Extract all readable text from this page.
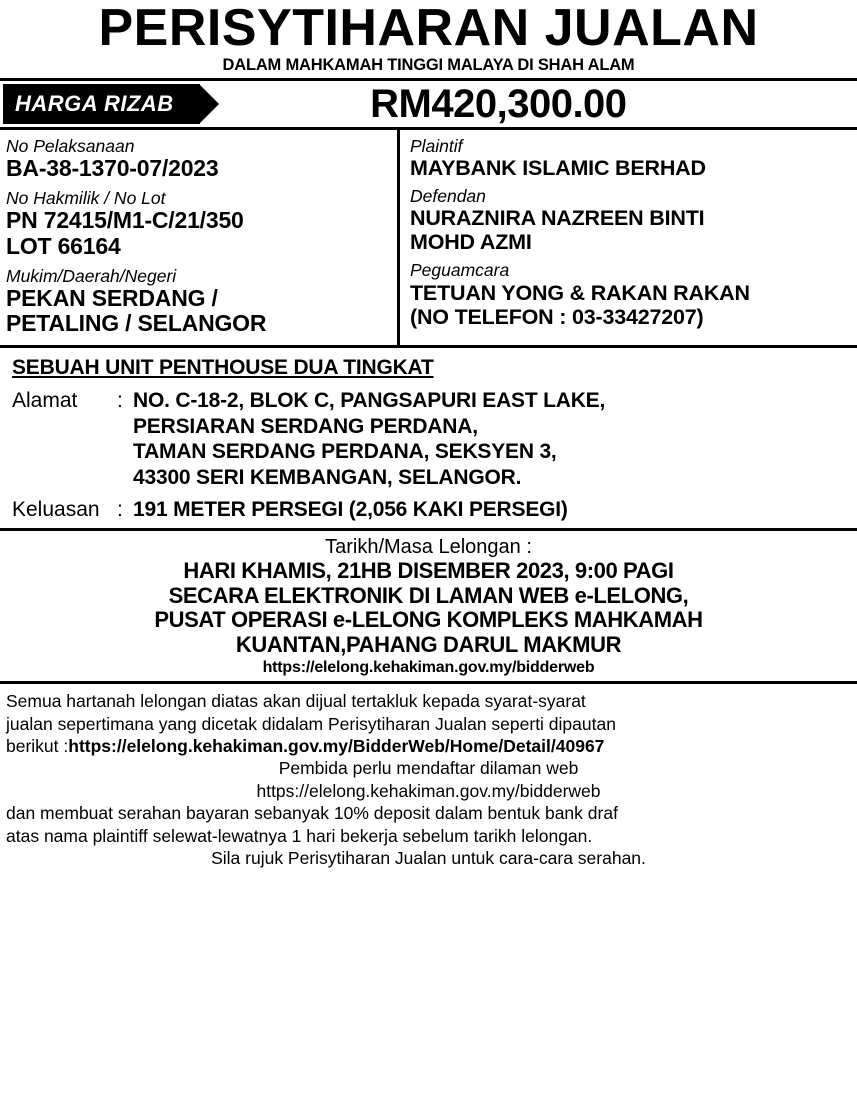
PERISYTIHARAN JUALAN
DALAM MAHKAMAH TINGGI MALAYA DI SHAH ALAM
HARGA RIZAB	RM420,300.00
No Pelaksanaan
BA-38-1370-07/2023
No Hakmilik / No Lot
PN 72415/M1-C/21/350
LOT 66164
Mukim/Daerah/Negeri
PEKAN SERDANG /
PETALING / SELANGOR
Plaintif
MAYBANK ISLAMIC BERHAD
Defendan
NURAZNIRA NAZREEN BINTI
MOHD AZMI
Peguamcara
TETUAN YONG & RAKAN RAKAN
(NO TELEFON : 03-33427207)
SEBUAH UNIT PENTHOUSE DUA TINGKAT
Alamat	: NO. C-18-2, BLOK C, PANGSAPURI EAST LAKE,
PERSIARAN SERDANG PERDANA,
TAMAN SERDANG PERDANA, SEKSYEN 3,
43300 SERI KEMBANGAN, SELANGOR.
Keluasan : 191 METER PERSEGI (2,056 KAKI PERSEGI)
Tarikh/Masa Lelongan :
HARI KHAMIS, 21HB DISEMBER 2023, 9:00 PAGI
SECARA ELEKTRONIK DI LAMAN WEB e-LELONG,
PUSAT OPERASI e-LELONG KOMPLEKS MAHKAMAH
KUANTAN,PAHANG DARUL MAKMUR
https://elelong.kehakiman.gov.my/bidderweb

Semua hartanah lelongan diatas akan dijual tertakluk kepada syarat-syarat

jualan sepertimana yang dicetak didalam Perisytiharan Jualan seperti dipautan

berikut :https://elelong.kehakiman.gov.my/BidderWeb/Home/Detail/40967

Pembida perlu mendaftar dilaman web

https://elelong.kehakiman.gov.my/bidderweb

dan membuat serahan bayaran sebanyak 10% deposit dalam bentuk bank draf

atas nama plaintiff selewat-lewatnya 1 hari bekerja sebelum tarikh lelongan.

Sila rujuk Perisytiharan Jualan untuk cara-cara serahan.
